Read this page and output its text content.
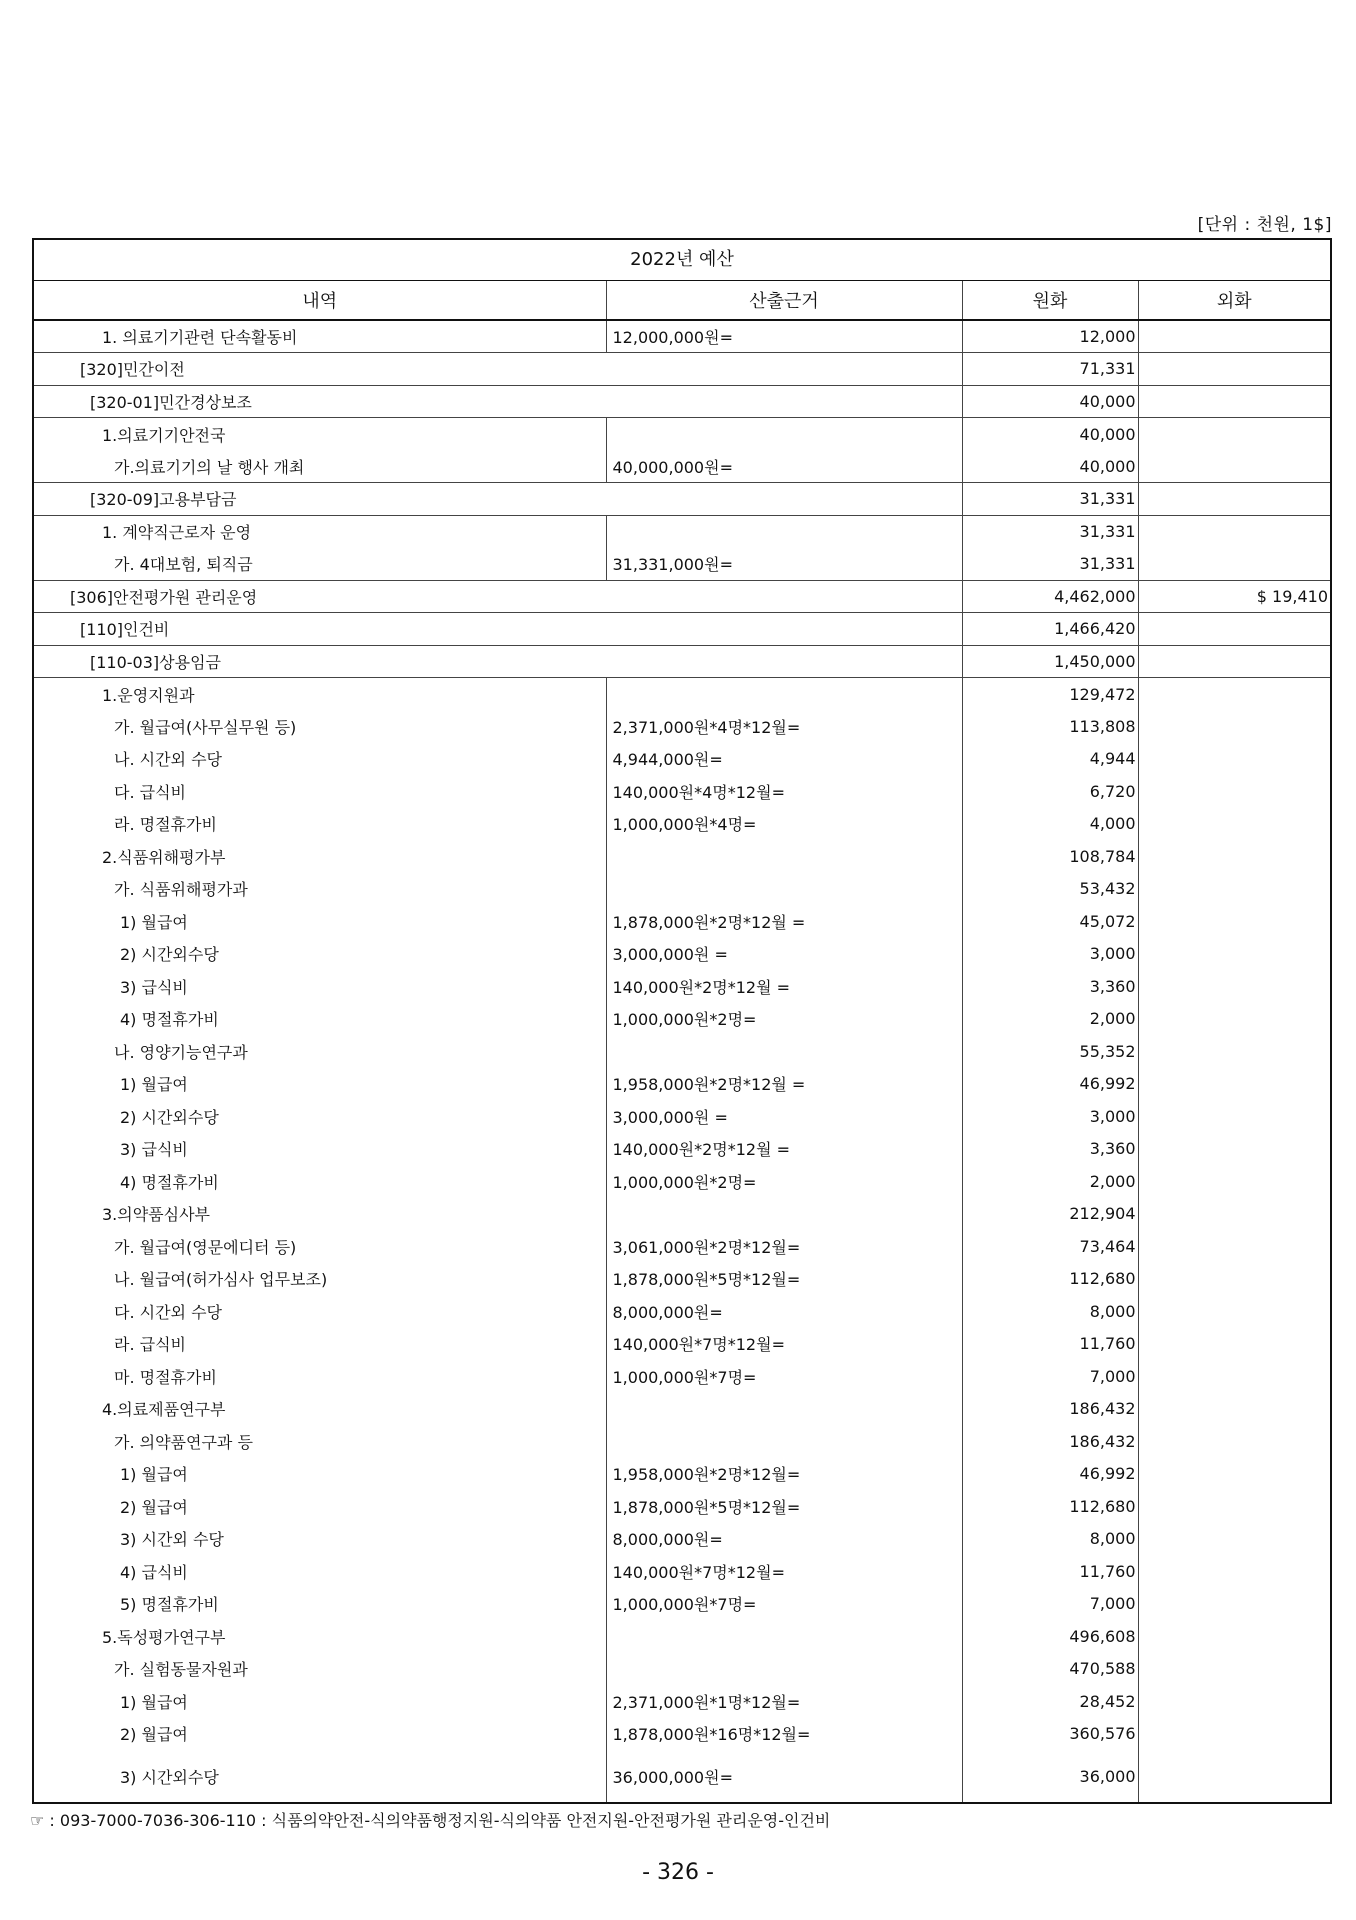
[단위 : 천원, 1$]
2022년 예산
내역	산출근거	원화	외화
1. 의료기기관련 단속활동비	12,000,000원=	12,000	
[320]민간이전		71,331	
[320-01]민간경상보조		40,000	
1.의료기기안전국		40,000	
가.의료기기의 날 행사 개최	40,000,000원=	40,000	
[320-09]고용부담금		31,331	
1. 계약직근로자 운영		31,331	
가. 4대보험, 퇴직금	31,331,000원=	31,331	
[306]안전평가원 관리운영		4,462,000	$ 19,410
[110]인건비		1,466,420	
[110-03]상용임금		1,450,000	
1.운영지원과		129,472	
가. 월급여(사무실무원 등)	2,371,000원*4명*12월=	113,808	
나. 시간외 수당	4,944,000원=	4,944	
다. 급식비	140,000원*4명*12월=	6,720	
라. 명절휴가비	1,000,000원*4명=	4,000	
2.식품위해평가부		108,784	
가. 식품위해평가과		53,432	
1) 월급여	1,878,000원*2명*12월 =	45,072	
2) 시간외수당	3,000,000원 =	3,000	
3) 급식비	140,000원*2명*12월 =	3,360	
4) 명절휴가비	1,000,000원*2명=	2,000	
나. 영양기능연구과		55,352	
1) 월급여	1,958,000원*2명*12월 =	46,992	
2) 시간외수당	3,000,000원 =	3,000	
3) 급식비	140,000원*2명*12월 =	3,360	
4) 명절휴가비	1,000,000원*2명=	2,000	
3.의약품심사부		212,904	
가. 월급여(영문에디터 등)	3,061,000원*2명*12월=	73,464	
나. 월급여(허가심사 업무보조)	1,878,000원*5명*12월=	112,680	
다. 시간외 수당	8,000,000원=	8,000	
라. 급식비	140,000원*7명*12월=	11,760	
마. 명절휴가비	1,000,000원*7명=	7,000	
4.의료제품연구부		186,432	
가. 의약품연구과 등		186,432	
1) 월급여	1,958,000원*2명*12월=	46,992	
2) 월급여	1,878,000원*5명*12월=	112,680	
3) 시간외 수당	8,000,000원=	8,000	
4) 급식비	140,000원*7명*12월=	11,760	
5) 명절휴가비	1,000,000원*7명=	7,000	
5.독성평가연구부		496,608	
가. 실험동물자원과		470,588	
1) 월급여	2,371,000원*1명*12월=	28,452	
2) 월급여	1,878,000원*16명*12월=	360,576	
3) 시간외수당	36,000,000원=	36,000	
☞ : 093-7000-7036-306-110 : 식품의약안전-식의약품행정지원-식의약품 안전지원-안전평가원 관리운영-인건비
- 326 -
